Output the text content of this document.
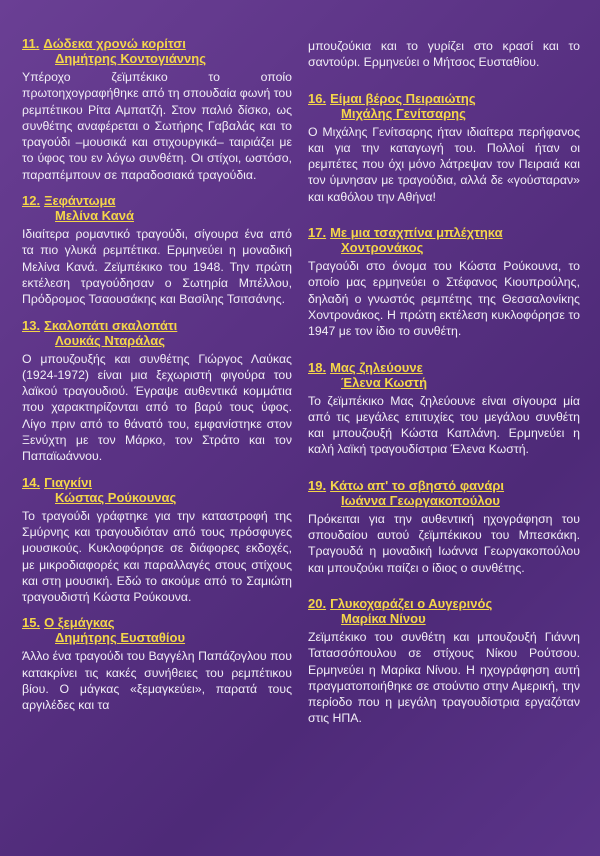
11. Δώδεκα χρονώ κορίτσι
Δημήτρης Κοντογιάννης
Υπέροχο ζεϊμπέκικο το οποίο πρωτοηχογραφήθηκε από τη σπουδαία φωνή του ρεμπέτικου Ρίτα Αμπατζή. Στον παλιό δίσκο, ως συνθέτης αναφέρεται ο Σωτήρης Γαβαλάς και το τραγούδι –μουσικά και στιχουργικά– ταιριάζει με το ύφος του εν λόγω συνθέτη. Οι στίχοι, ωστόσο, παραπέμπουν σε παραδοσιακά τραγούδια.
12. Ξεφάντωμα
Μελίνα Κανά
Ιδιαίτερα ρομαντικό τραγούδι, σίγουρα ένα από τα πιο γλυκά ρεμπέτικα. Ερμηνεύει η μοναδική Μελίνα Κανά. Ζεϊμπέκικο του 1948. Την πρώτη εκτέλεση τραγούδησαν ο Σωτηρία Μπέλλου, Πρόδρομος Τσαουσάκης και Βασίλης Τσιτσάνης.
13. Σκαλοπάτι σκαλοπάτι
Λουκάς Νταράλας
Ο μπουζουξής και συνθέτης Γιώργος Λαύκας (1924-1972) είναι μια ξεχωριστή φιγούρα του λαϊκού τραγουδιού. Έγραψε αυθεντικά κομμάτια που χαρακτηρίζονται από το βαρύ τους ύφος. Λίγο πριν από το θάνατό του, εμφανίστηκε στον Ξενύχτη με τον Μάρκο, τον Στράτο και τον Παπαϊωάννου.
14. Γιαγκίνι
Κώστας Ρούκουνας
Το τραγούδι γράφτηκε για την καταστροφή της Σμύρνης και τραγουδιόταν από τους πρόσφυγες μουσικούς. Κυκλοφόρησε σε διάφορες εκδοχές, με μικροδιαφορές και παραλλαγές στους στίχους και στη μουσική. Εδώ το ακούμε από το Σαμιώτη τραγουδιστή Κώστα Ρούκουνα.
15. Ο ξεμάγκας
Δημήτρης Ευσταθίου
Άλλο ένα τραγούδι του Βαγγέλη Παπάζογλου που κατακρίνει τις κακές συνήθειες του ρεμπέτικου βίου. Ο μάγκας «ξεμαγκεύει», παρατά τους αργιλέδες και τα
μπουζούκια και το γυρίζει στο κρασί και το σαντούρι. Ερμηνεύει ο Μήτσος Ευσταθίου.
16. Είμαι βέρος Πειραιώτης
Μιχάλης Γενίτσαρης
Ο Μιχάλης Γενίτσαρης ήταν ιδιαίτερα περήφανος και για την καταγωγή του. Πολλοί ήταν οι ρεμπέτες που όχι μόνο λάτρεψαν τον Πειραιά και τον ύμνησαν με τραγούδια, αλλά δε «γούσταραν» και καθόλου την Αθήνα!
17. Με μια τσαχπίνα μπλέχτηκα
Χοντρονάκος
Τραγούδι στο όνομα του Κώστα Ρούκουνα, το οποίο μας ερμηνεύει ο Στέφανος Κιουπρούλης, δηλαδή ο γνωστός ρεμπέτης της Θεσσαλονίκης Χοντρονάκος. Η πρώτη εκτέλεση κυκλοφόρησε το 1947 με τον ίδιο το συνθέτη.
18. Μας ζηλεύουνε
Έλενα Κωστή
Το ζεϊμπέκικο Μας ζηλεύουνε είναι σίγουρα μία από τις μεγάλες επιτυχίες του μεγάλου συνθέτη και μπουζουξή Κώστα Καπλάνη. Ερμηνεύει η καλή λαϊκή τραγουδίστρια Έλενα Κωστή.
19. Κάτω απ' το σβηστό φανάρι
Ιωάννα Γεωργακοπούλου
Πρόκειται για την αυθεντική ηχογράφηση του σπουδαίου αυτού ζεϊμπέκικου του Μπεσκάκη. Τραγουδά η μοναδική Ιωάννα Γεωργακοπούλου και μπουζούκι παίζει ο ίδιος ο συνθέτης.
20. Γλυκοχαράζει ο Αυγερινός
Μαρίκα Νίνου
Ζεϊμπέκικο του συνθέτη και μπουζουξή Γιάννη Τατασσόπουλου σε στίχους Νίκου Ρούτσου. Ερμηνεύει η Μαρίκα Νίνου. Η ηχογράφηση αυτή πραγματοποιήθηκε σε στούντιο στην Αμερική, την περίοδο που η μεγάλη τραγουδίστρια εργαζόταν στις ΗΠΑ.
